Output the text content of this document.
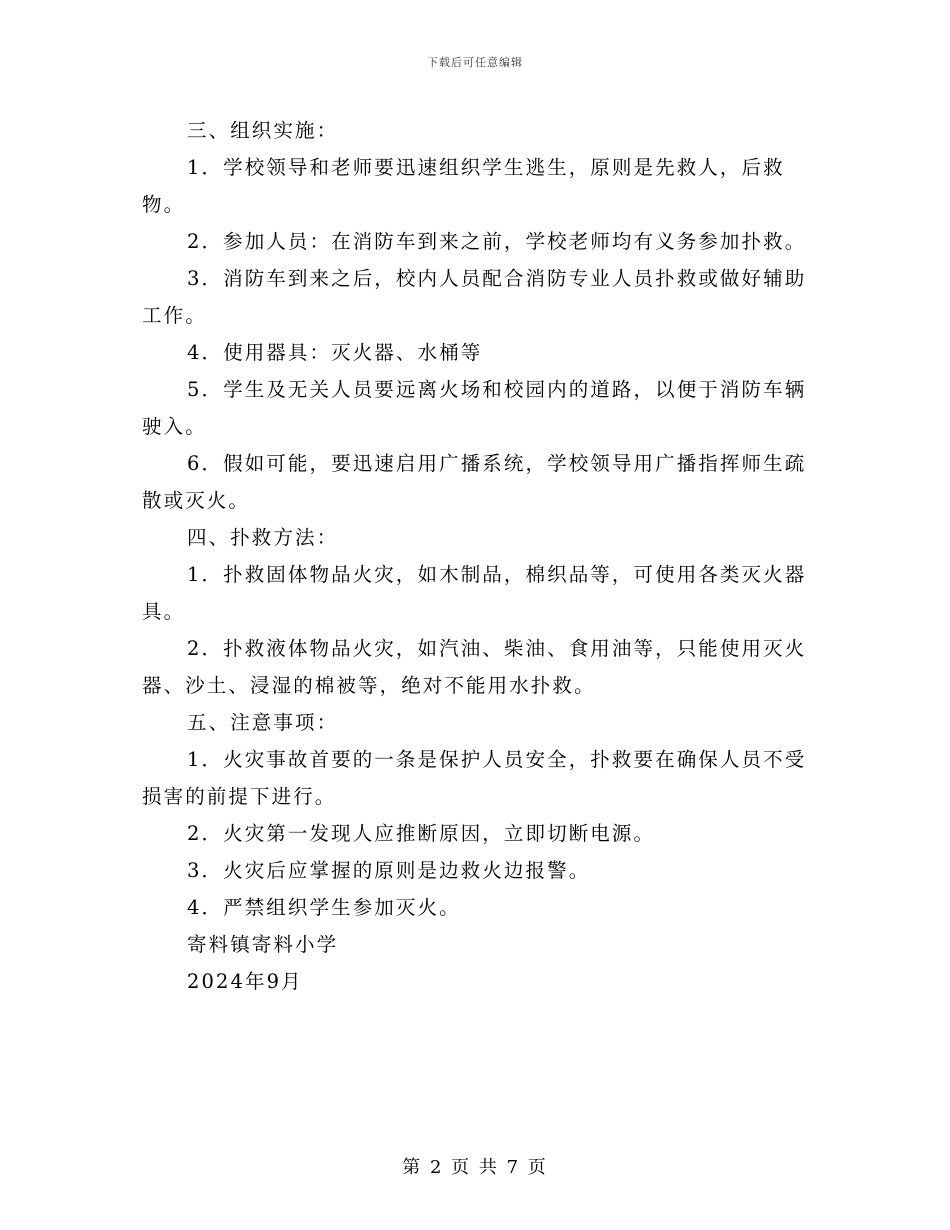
下载后可任意编辑

三、组织实施：

1．学校领导和老师要迅速组织学生逃生，原则是先救人，后救物。

2．参加人员：在消防车到来之前，学校老师均有义务参加扑救。

3．消防车到来之后，校内人员配合消防专业人员扑救或做好辅助工作。

4．使用器具：灭火器、水桶等

5．学生及无关人员要远离火场和校园内的道路，以便于消防车辆驶入。

6．假如可能，要迅速启用广播系统，学校领导用广播指挥师生疏散或灭火。

四、扑救方法：

1．扑救固体物品火灾，如木制品，棉织品等，可使用各类灭火器具。

2．扑救液体物品火灾，如汽油、柴油、食用油等，只能使用灭火器、沙土、浸湿的棉被等，绝对不能用水扑救。

五、注意事项：

1．火灾事故首要的一条是保护人员安全，扑救要在确保人员不受损害的前提下进行。

2．火灾第一发现人应推断原因，立即切断电源。

3．火灾后应掌握的原则是边救火边报警。

4．严禁组织学生参加灭火。

寄料镇寄料小学

2024年9月

第 2 页 共 7 页
